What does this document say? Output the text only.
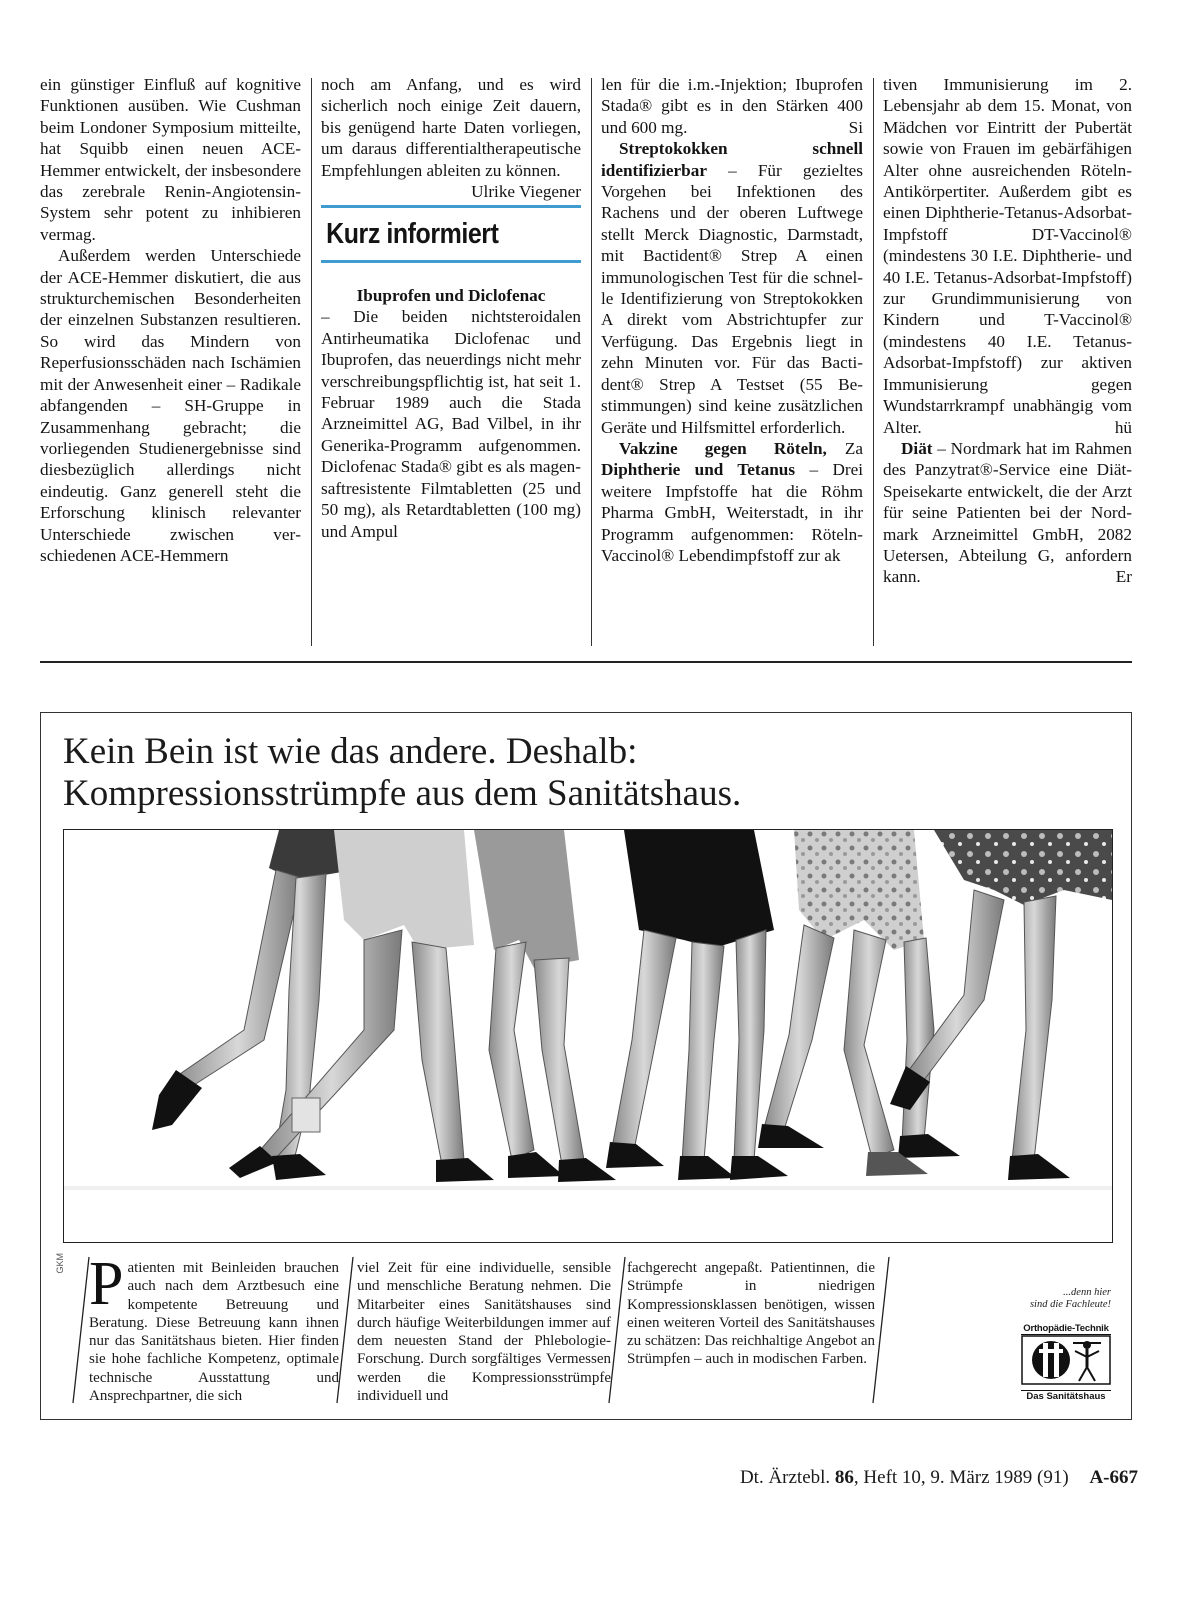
ein günstiger Einfluß auf kognitive Funktionen ausüben. Wie Cushman beim Londoner Symposium mitteilte, hat Squibb einen neuen ACE-Hemmer entwickelt, der insbesondere das zerebrale Renin-Angiotensin-System sehr potent zu inhibieren vermag.

Außerdem werden Unterschiede der ACE-Hemmer diskutiert, die aus strukturchemischen Besonderheiten der einzelnen Substanzen resultieren. So wird das Mindern von Reperfusionsschäden nach Ischämien mit der Anwesenheit einer – Radikale abfangenden – SH-Gruppe in Zusammenhang gebracht; die vorliegenden Studienergebnisse sind diesbezüglich allerdings nicht eindeutig. Ganz generell steht die Erforschung klinisch relevanter Unterschiede zwischen verschiedenen ACE-Hemmern

noch am Anfang, und es wird sicherlich noch einige Zeit dauern, bis genügend harte Daten vorliegen, um daraus differentialtherapeutische Empfehlungen ableiten zu können.
Ulrike Viegener

Kurz informiert

Ibuprofen und Diclofenac

– Die beiden nichtsteroidalen Antirheumatika Diclofenac und Ibuprofen, das neuerdings nicht mehr verschreibungspflichtig ist, hat seit 1. Februar 1989 auch die Stada Arzneimittel AG, Bad Vilbel, in ihr Generika-Programm aufgenommen. Diclofenac Stada® gibt es als magensaftresistente Filmtabletten (25 und 50 mg), als Retardtabletten (100 mg) und Ampul

len für die i.m.-Injektion; Ibuprofen Stada® gibt es in den Stärken 400 und 600 mg.	Si

Streptokokken schnell identifizierbar – Für gezieltes Vorgehen bei Infektionen des Rachens und der oberen Luftwege stellt Merck Diagnostic, Darmstadt, mit Bactident® Strep A einen immunologischen Test für die schnelle Identifizierung von Streptokokken A direkt vom Abstrichtupfer zur Verfügung. Das Ergebnis liegt in zehn Minuten vor. Für das Bactident® Strep A Testset (55 Bestimmungen) sind keine zusätzlichen Geräte und Hilfsmittel erforderlich.
Za

Vakzine gegen Röteln, Diphtherie und Tetanus – Drei weitere Impfstoffe hat die Röhm Pharma GmbH, Weiterstadt, in ihr Programm aufgenommen: Röteln-Vaccinol® Lebendimpfstoff zur ak

tiven Immunisierung im 2. Lebensjahr ab dem 15. Monat, von Mädchen vor Eintritt der Pubertät sowie von Frauen im gebärfähigen Alter ohne ausreichenden Röteln-Antikörpertiter. Außerdem gibt es einen Diphtherie-Tetanus-Adsorbat-Impfstoff DT-Vaccinol® (mindestens 30 I.E. Diphtherie- und 40 I.E. Tetanus-Adsorbat-Impfstoff) zur Grundimmunisierung von Kindern und T-Vaccinol® (mindestens 40 I.E. Tetanus-Adsorbat-Impfstoff) zur aktiven Immunisierung gegen Wundstarrkrampf unabhängig vom Alter.	hü

Diät – Nordmark hat im Rahmen des Panzytrat®-Service eine Diät-Speisekarte entwickelt, die der Arzt für seine Patienten bei der Nordmark Arzneimittel GmbH, 2082 Uetersen, Abteilung G, anfordern kann.	Er

Kein Bein ist wie das andere. Deshalb:
Kompressionsstrümpfe aus dem Sanitätshaus.
GKM Patienten mit Beinleiden brauchen auch nach dem Arztbesuch eine kompetente Betreuung und Beratung. Diese Betreuung kann ihnen nur das Sanitätshaus bieten. Hier finden sie hohe fachliche Kompetenz, optimale technische Ausstattung und Ansprechpartner, die sich

viel Zeit für eine individuelle, sensible und menschliche Beratung nehmen. Die Mitarbeiter eines Sanitätshauses sind durch häufige Weiterbildungen immer auf dem neuesten Stand der Phlebologie-Forschung. Durch sorgfältiges Vermessen werden die Kompressionsstrümpfe individuell und

fachgerecht angepaßt. Patientinnen, die Strümpfe in niedrigen Kompressionsklassen benötigen, wissen einen weiteren Vorteil des Sanitätshauses zu schätzen: Das reichhaltige Angebot an Strümpfen – auch in modischen Farben.

...denn hier
sind die Fachleute!
Orthopädie-Technik
Das Sanitätshaus
Dt. Ärztebl. 86, Heft 10, 9. März 1989 (91) A-667
